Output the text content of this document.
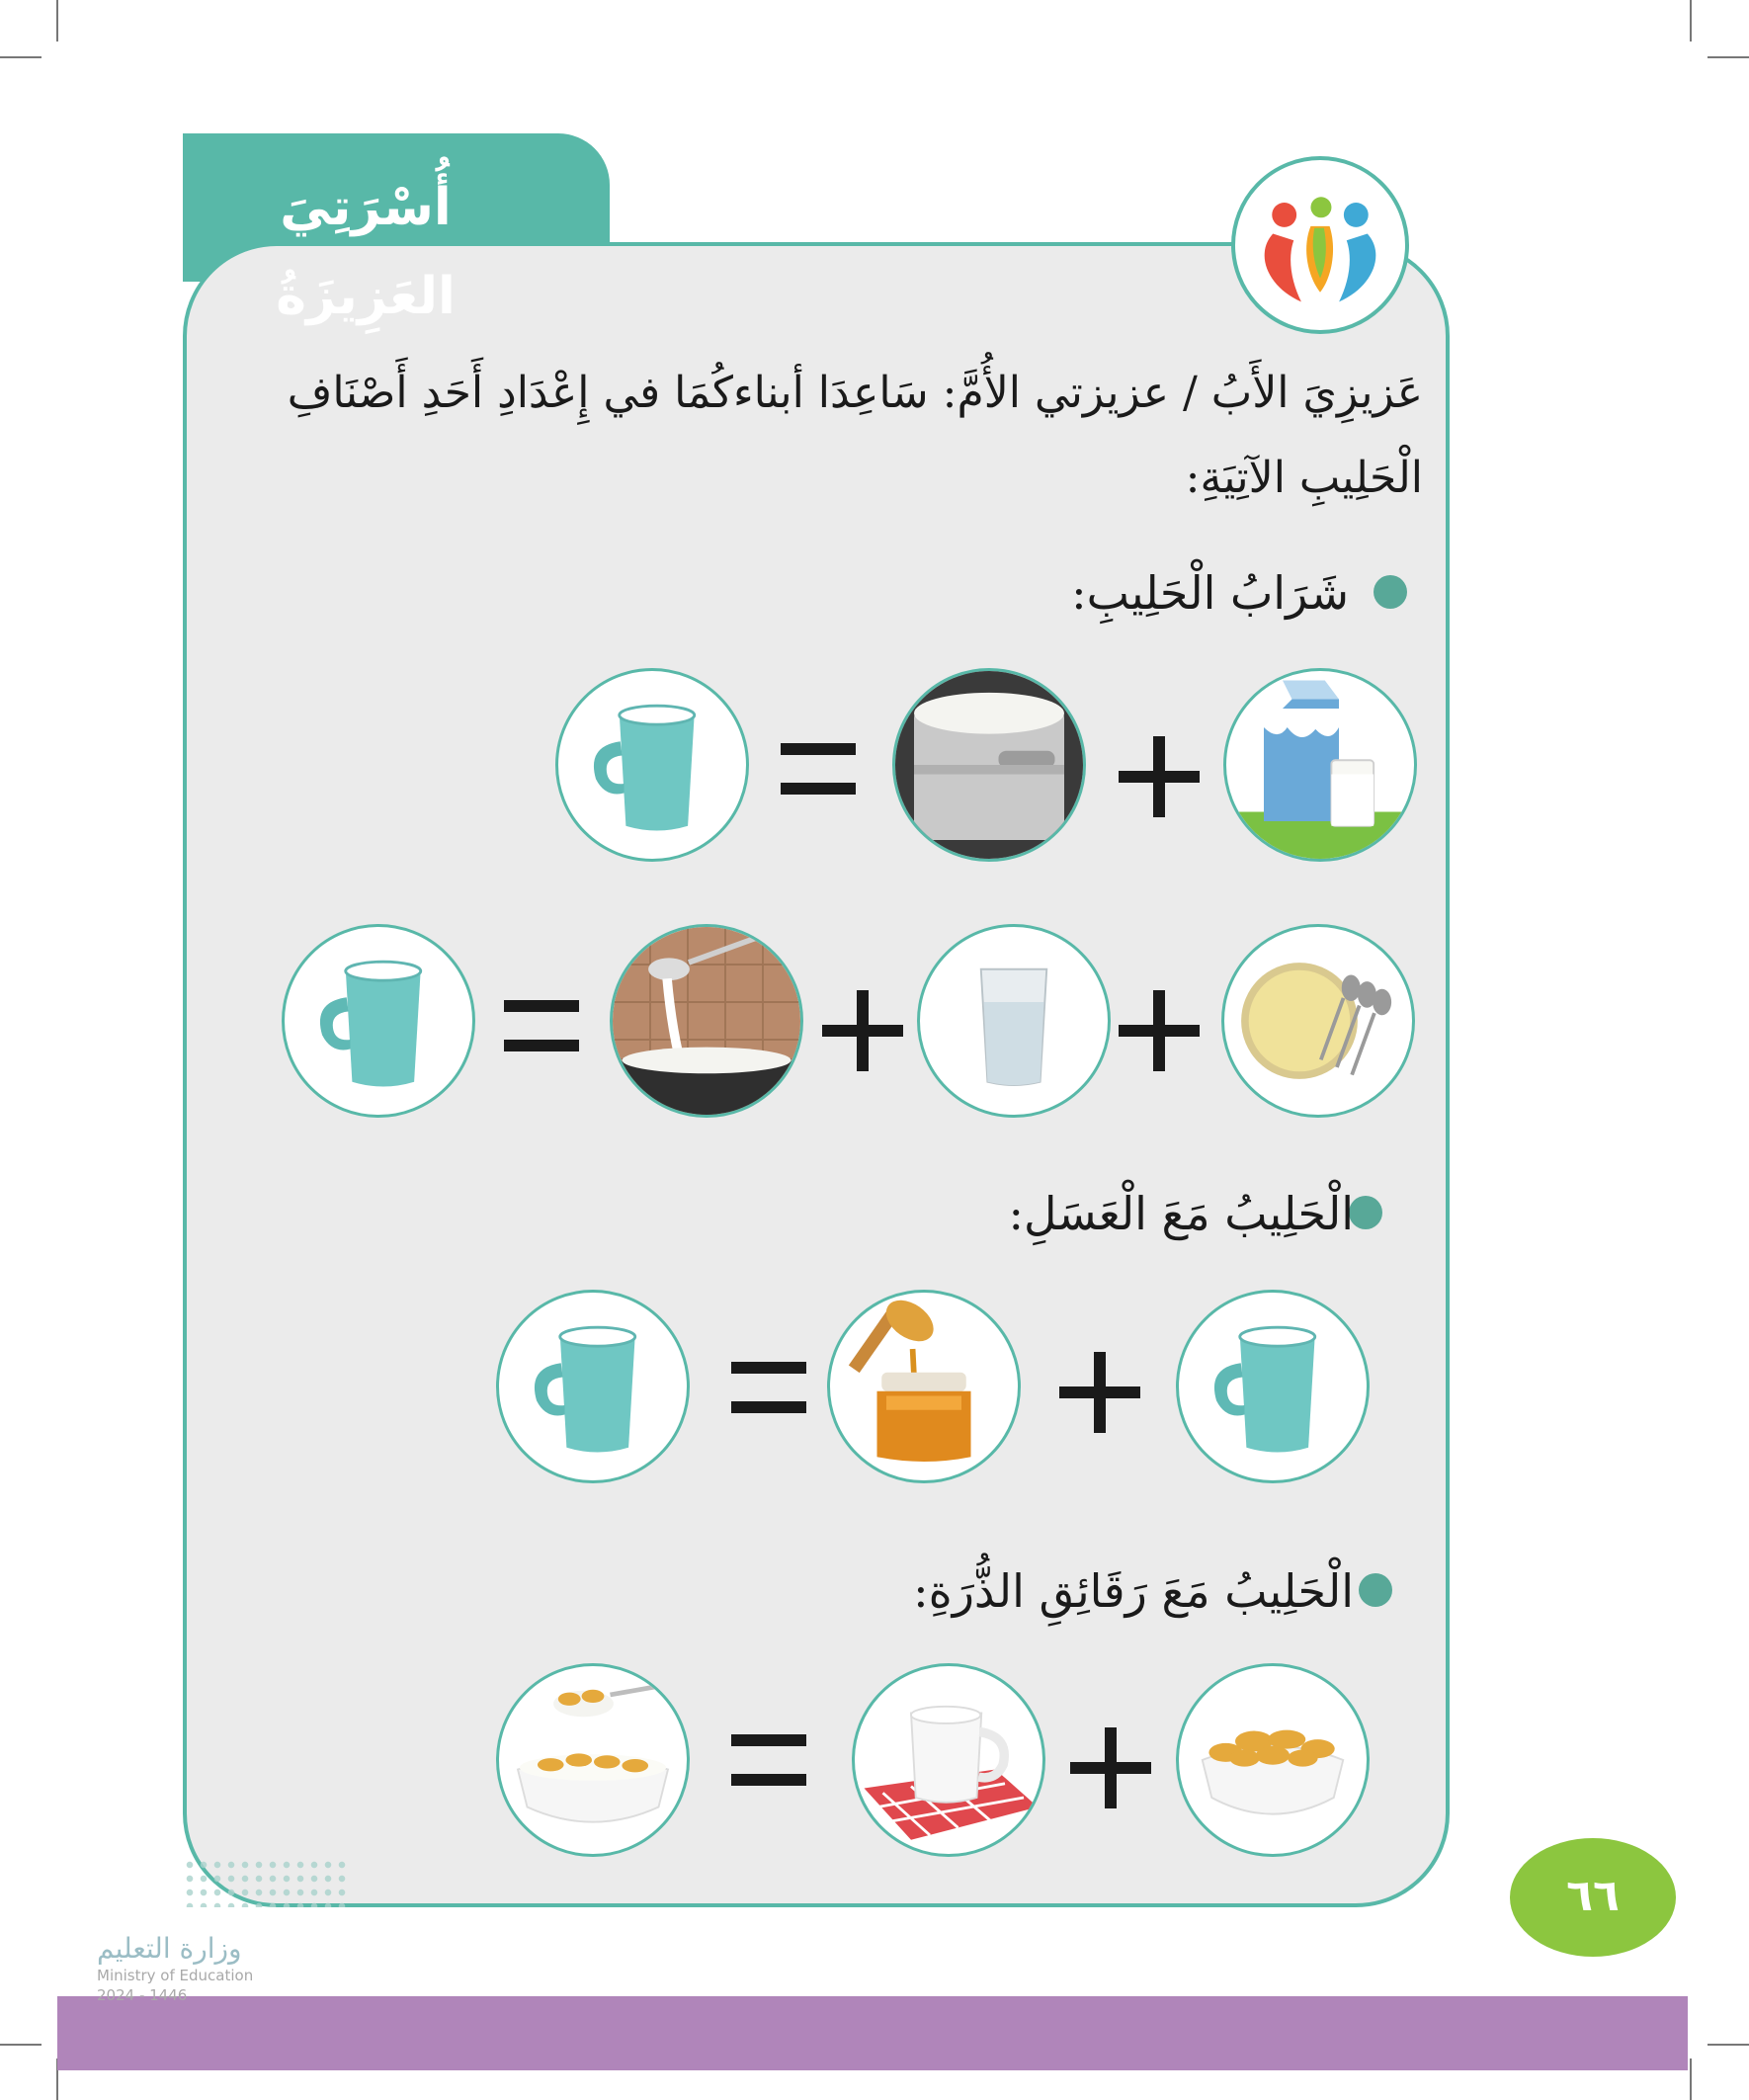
أُسْرَتِيَ العَزِيزَةُ

عَزيزِيَ الأَبُ / عزيزتي الأُمَّ: سَاعِدَا أبناءكُمَا في إِعْدَادِ أَحَدِ أَصْنَافِ
الْحَلِيبِ الآتِيَةِ:

شَرَابُ الْحَلِيبِ:
الْحَلِيبُ مَعَ الْعَسَلِ:
الْحَلِيبُ مَعَ رَقَائِقِ الذُّرَةِ:
٦٦
وزارة التعليم
Ministry of Education
2024 - 1446
